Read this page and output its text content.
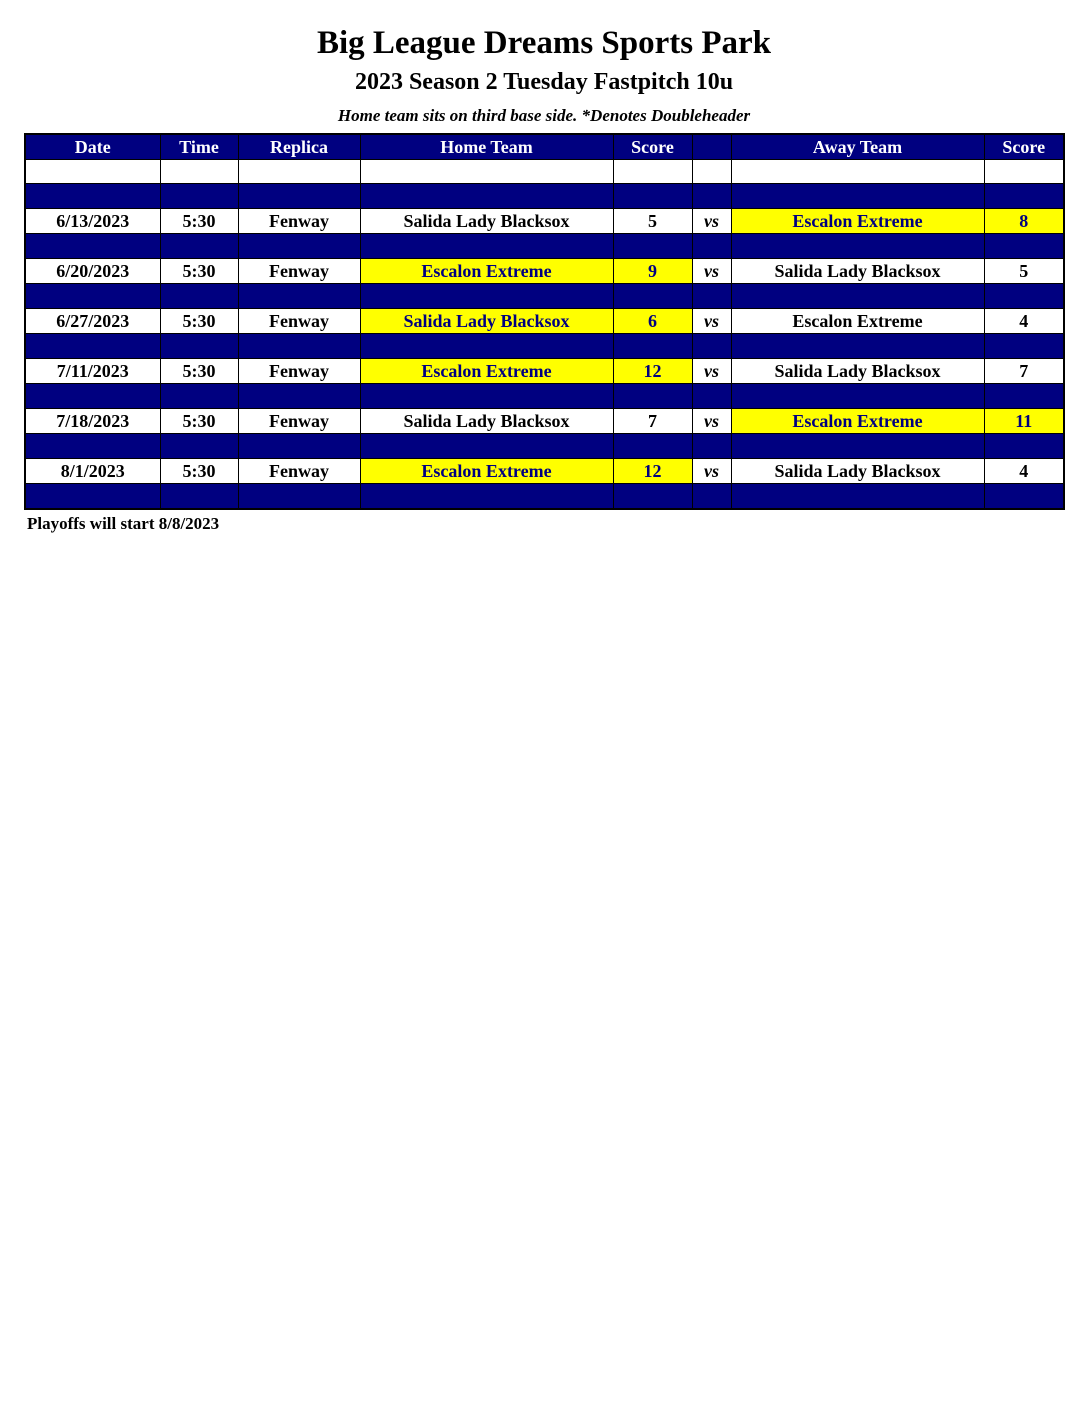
Big League Dreams Sports Park
2023 Season 2 Tuesday Fastpitch 10u
Home team sits on third base side. *Denotes Doubleheader
Date	Time	Replica	Home Team	Score		Away Team	Score

6/13/2023	5:30	Fenway	Salida Lady Blacksox	5	vs	Escalon Extreme	8

6/20/2023	5:30	Fenway	Escalon Extreme	9	vs	Salida Lady Blacksox	5

6/27/2023	5:30	Fenway	Salida Lady Blacksox	6	vs	Escalon Extreme	4

7/11/2023	5:30	Fenway	Escalon Extreme	12	vs	Salida Lady Blacksox	7

7/18/2023	5:30	Fenway	Salida Lady Blacksox	7	vs	Escalon Extreme	11

8/1/2023	5:30	Fenway	Escalon Extreme	12	vs	Salida Lady Blacksox	4

Playoffs will start 8/8/2023
